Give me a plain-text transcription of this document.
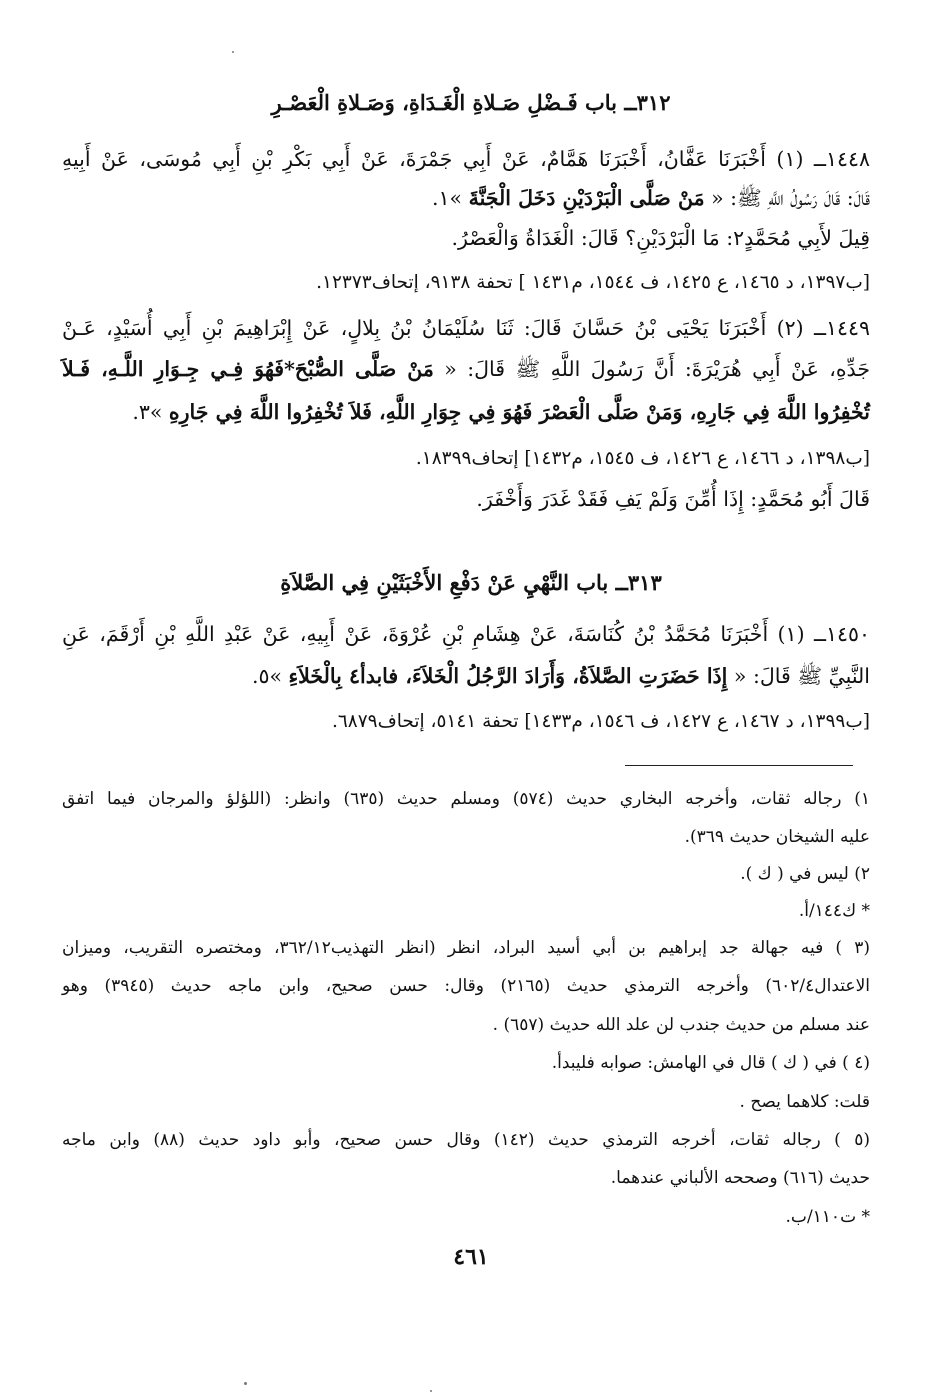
٣١٢ــ باب فَـضْلِ صَـلاةِ الْغَـدَاةِ، وَصَـلاةِ الْعَصْـرِ
١٤٤٨ــ (١) أَخْبَرَنَا عَفَّانُ، أَخْبَرَنَا هَمَّامٌ، عَنْ أَبِي جَمْرَةَ، عَنْ أَبِي بَكْرِ بْنِ أَبِي مُوسَى، عَنْ أَبِيهِ
قَالَ: قَالَ رَسُولُ اللَّهِ ﷺ: « مَنْ صَلَّى الْبَرْدَيْنِ دَخَلَ الْجَنَّةَ »١.
قِيلَ لأَبِي مُحَمَّدٍ٢: مَا الْبَرْدَيْنِ؟ قَالَ: الْغَدَاةُ وَالْعَصْرُ.
[ب١٣٩٧، د ١٤٦٥، ع ١٤٢٥، ف ١٥٤٤، م١٤٣١ ] تحفة ٩١٣٨، إتحاف١٢٣٧٣.
١٤٤٩ــ (٢) أَخْبَرَنَا يَحْيَى بْنُ حَسَّانَ قَالَ: ثَنَا سُلَيْمَانُ بْنُ بِلالٍ، عَنْ إِبْرَاهِيمَ بْنِ أَبِي أُسَيْدٍ، عَـنْ
جَدِّهِ، عَنْ أَبِي هُرَيْرَةَ: أَنَّ رَسُولَ اللَّهِ ﷺ قَالَ: « مَنْ صَلَّى الصُّبْحَ*فَهُوَ فِـي جِـوَارِ اللَّـهِ، فَـلاَ
تُخْفِرُوا اللَّهَ فِي جَارِهِ، وَمَنْ صَلَّى الْعَصْرَ فَهُوَ فِي جِوَارِ اللَّهِ، فَلاَ تُخْفِرُوا اللَّهَ فِي جَارِهِ »٣.
[ب١٣٩٨، د ١٤٦٦، ع ١٤٢٦، ف ١٥٤٥، م١٤٣٢] إتحاف١٨٣٩٩.
قَالَ أَبُو مُحَمَّدٍ: إِذَا أُمِّنَ وَلَمْ يَفِ فَقَدْ غَدَرَ وَأَخْفَرَ.
٣١٣ــ باب النَّهْيِ عَنْ دَفْعِ الأَخْبَثَيْنِ فِي الصَّلاَةِ
١٤٥٠ــ (١) أَخْبَرَنَا مُحَمَّدُ بْنُ كُنَاسَةَ، عَنْ هِشَامِ بْنِ عُرْوَةَ، عَنْ أَبِيهِ، عَنْ عَبْدِ اللَّهِ بْنِ أَرْقَمَ، عَنِ
النَّبِيِّ ﷺ قَالَ: « إِذَا حَضَرَتِ الصَّلاَةُ، وَأَرَادَ الرَّجُلُ الْخَلاَءَ، فابدأ٤ بِالْخَلاَءِ »٥.
[ب١٣٩٩، د ١٤٦٧، ع ١٤٢٧، ف ١٥٤٦، م١٤٣٣] تحفة ٥١٤١، إتحاف٦٨٧٩.
١) رجاله ثقات، وأخرجه البخاري حديث (٥٧٤) ومسلم حديث (٦٣٥) وانظر: (اللؤلؤ والمرجان فيما اتفق
عليه الشيخان حديث ٣٦٩).
٢) ليس في ( ك ).
* ك١٤٤/أ.
(٣ ) فيه جهالة جد إبراهيم بن أبي أسيد البراد، انظر (انظر التهذيب٣٦٢/١٢، ومختصره التقريب، وميزان
الاعتدال٦٠٢/٤) وأخرجه الترمذي حديث (٢١٦٥) وقال: حسن صحيح، وابن ماجه حديث (٣٩٤٥) وهو
عند مسلم من حديث جندب لن علد الله حديث (٦٥٧) .
(٤ ) في ( ك ) قال في الهامش: صوابه فليبدأ.
قلت: كلاهما يصح .
(٥ ) رجاله ثقات، أخرجه الترمذي حديث (١٤٢) وقال حسن صحيح، وأبو داود حديث (٨٨) وابن ماجه
حديث (٦١٦) وصححه الألباني عندهما.
* ت١١٠/ب.
٤٦١
